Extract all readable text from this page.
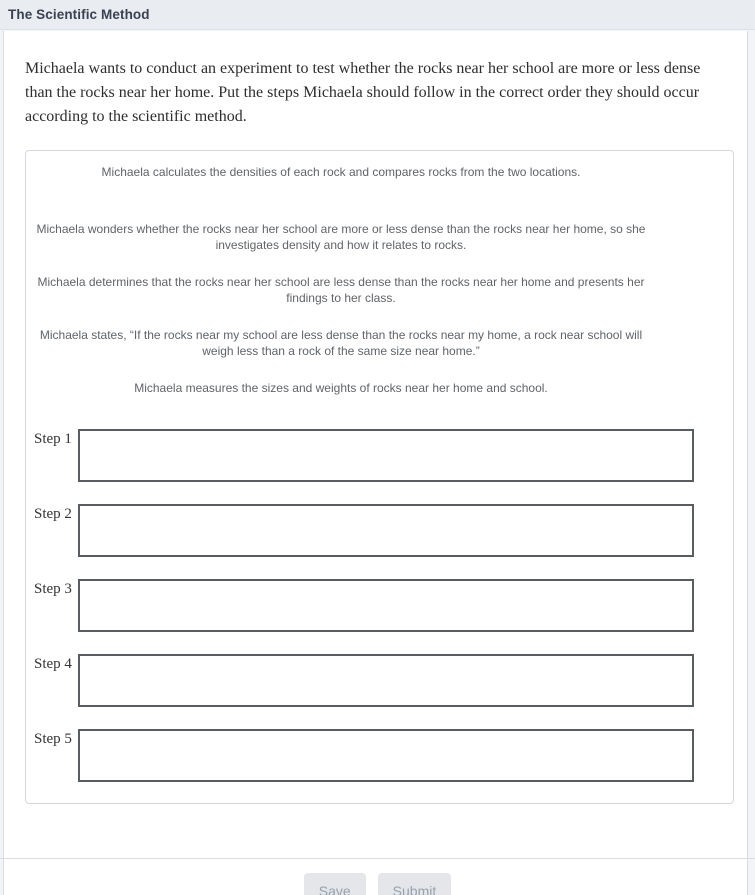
The Scientific Method

Michaela wants to conduct an experiment to test whether the rocks near her school are more or less dense than the rocks near her home. Put the steps Michaela should follow in the correct order they should occur according to the scientific method.

Michaela calculates the densities of each rock and compares rocks from the two locations.
Michaela wonders whether the rocks near her school are more or less dense than the rocks near her home, so she investigates density and how it relates to rocks.
Michaela determines that the rocks near her school are less dense than the rocks near her home and presents her findings to her class.
Michaela states, “If the rocks near my school are less dense than the rocks near my home, a rock near school will weigh less than a rock of the same size near home.”
Michaela measures the sizes and weights of rocks near her home and school.
Step 1
Step 2
Step 3
Step 4
Step 5
Save	Submit
